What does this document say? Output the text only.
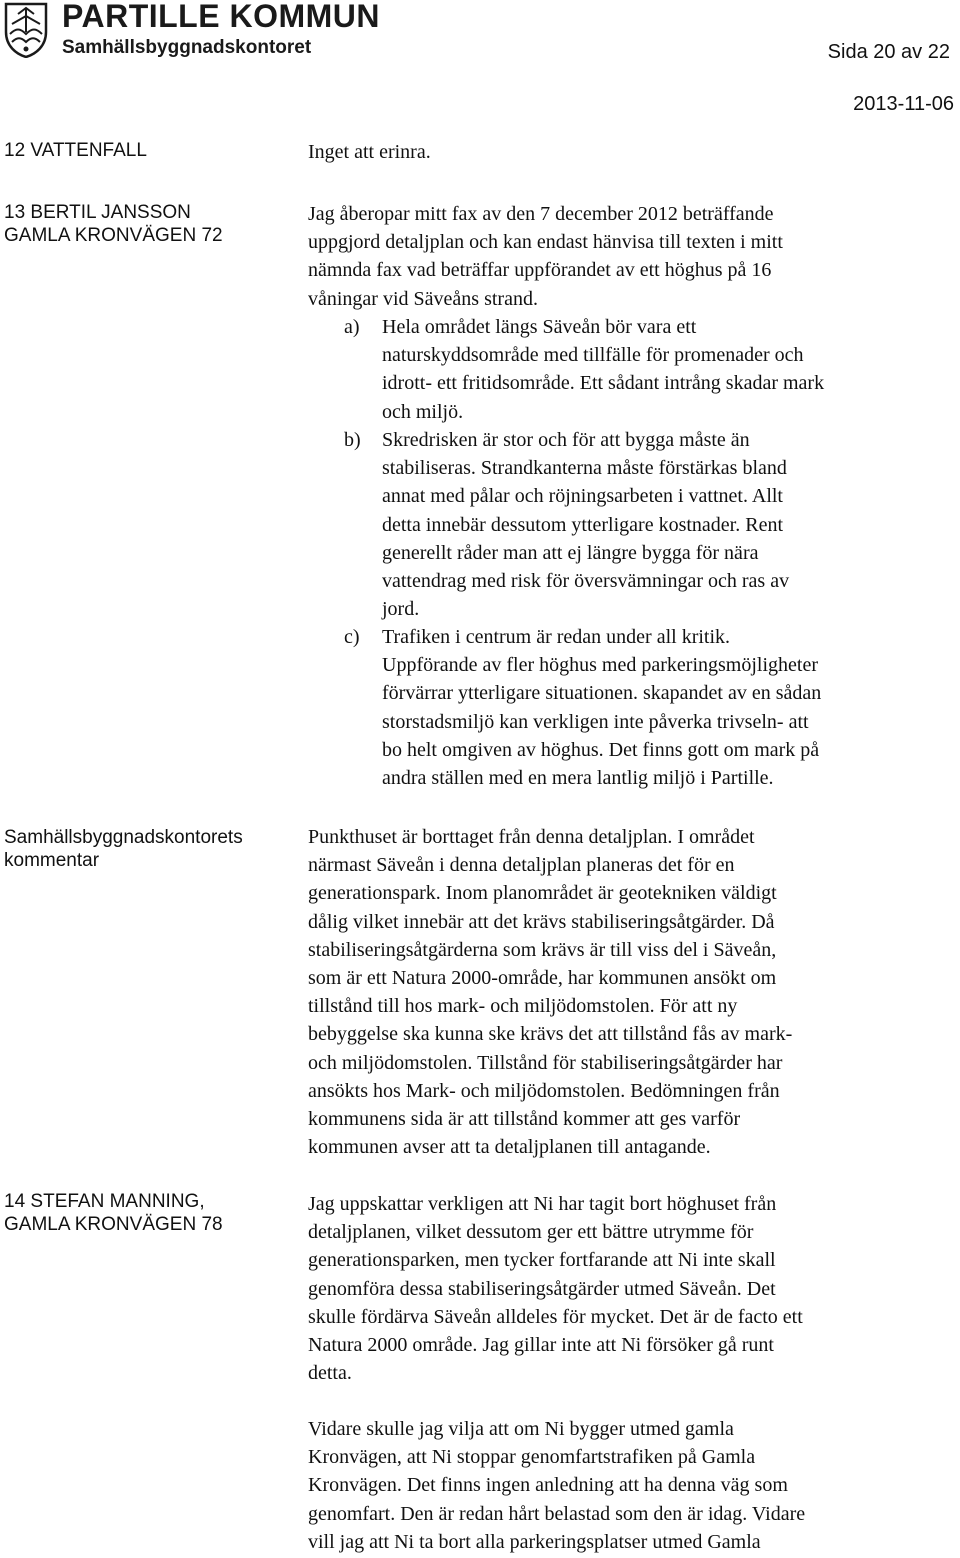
PARTILLE KOMMUN
Samhällsbyggnadskontoret	Sida 20 av 22
2013-11-06
12 VATTENFALL
13 BERTIL JANSSON
GAMLA KRONVÄGEN 72
Samhällsbyggnadskontorets
kommentar
14 STEFAN MANNING,
GAMLA KRONVÄGEN 78
Inget att erinra.
Jag åberopar mitt fax av den 7 december 2012 beträffande
uppgjord detaljplan och kan endast hänvisa till texten i mitt
nämnda fax vad beträffar uppförandet av ett höghus på 16
våningar vid Säveåns strand.
a) Hela området längs Säveån bör vara ett
naturskyddsområde med tillfälle för promenader och
idrott- ett fritidsområde. Ett sådant intrång skadar mark
och miljö.
b) Skredrisken är stor och för att bygga måste än
stabiliseras. Strandkanterna måste förstärkas bland
annat med pålar och röjningsarbeten i vattnet. Allt
detta innebär dessutom ytterligare kostnader. Rent
generellt råder man att ej längre bygga för nära
vattendrag med risk för översvämningar och ras av
jord.
c) Trafiken i centrum är redan under all kritik.
Uppförande av fler höghus med parkeringsmöjligheter
förvärrar ytterligare situationen. skapandet av en sådan
storstadsmiljö kan verkligen inte påverka trivseln- att
bo helt omgiven av höghus. Det finns gott om mark på
andra ställen med en mera lantlig miljö i Partille.
Punkthuset är borttaget från denna detaljplan. I området
närmast Säveån i denna detaljplan planeras det för en
generationspark. Inom planområdet är geotekniken väldigt
dålig vilket innebär att det krävs stabiliseringsåtgärder. Då
stabiliseringsåtgärderna som krävs är till viss del i Säveån,
som är ett Natura 2000-område, har kommunen ansökt om
tillstånd till hos mark- och miljödomstolen. För att ny
bebyggelse ska kunna ske krävs det att tillstånd fås av mark-
och miljödomstolen. Tillstånd för stabiliseringsåtgärder har
ansökts hos Mark- och miljödomstolen. Bedömningen från
kommunens sida är att tillstånd kommer att ges varför
kommunen avser att ta detaljplanen till antagande.
Jag uppskattar verkligen att Ni har tagit bort höghuset från
detaljplanen, vilket dessutom ger ett bättre utrymme för
generationsparken, men tycker fortfarande att Ni inte skall
genomföra dessa stabiliseringsåtgärder utmed Säveån. Det
skulle fördärva Säveån alldeles för mycket. Det är de facto ett
Natura 2000 område. Jag gillar inte att Ni försöker gå runt
detta.
Vidare skulle jag vilja att om Ni bygger utmed gamla
Kronvägen, att Ni stoppar genomfartstrafiken på Gamla
Kronvägen. Det finns ingen anledning att ha denna väg som
genomfart. Den är redan hårt belastad som den är idag. Vidare
vill jag att Ni ta bort alla parkeringsplatser utmed Gamla
